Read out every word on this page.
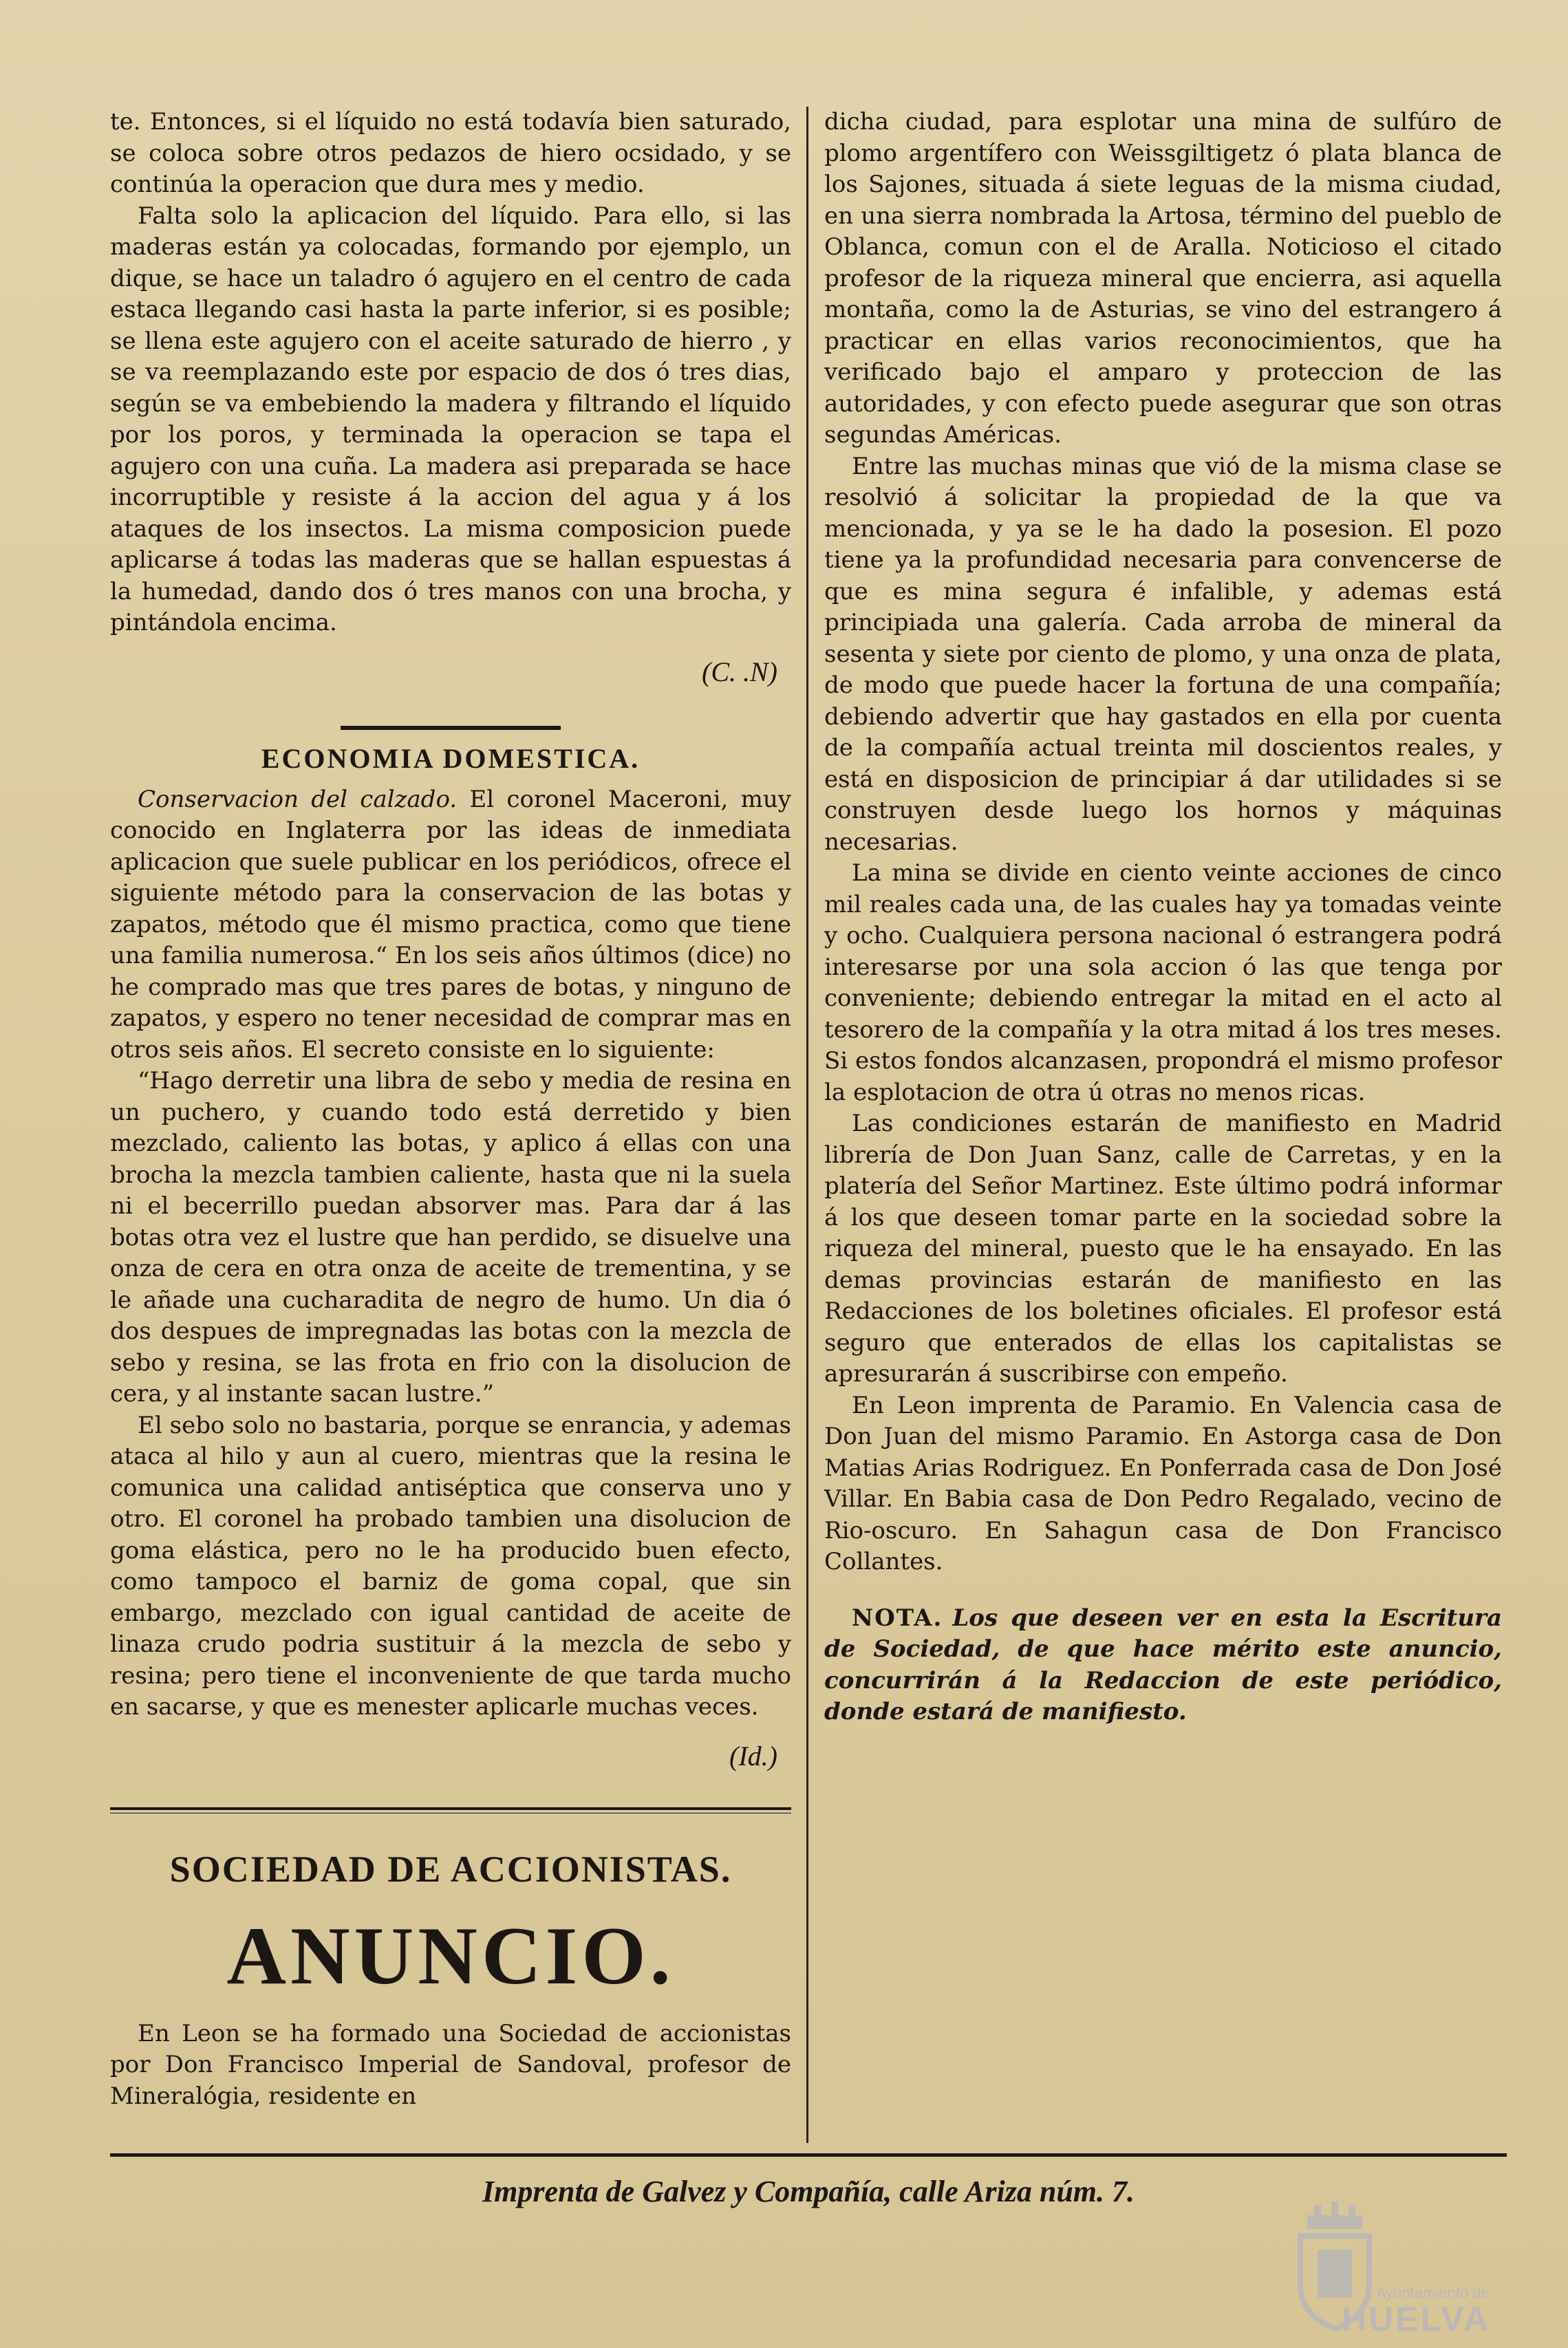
te. Entonces, si el líquido no está todavía bien saturado, se coloca sobre otros pedazos de hiero ocsidado, y se continúa la operacion que dura mes y medio.

Falta solo la aplicacion del líquido. Para ello, si las maderas están ya colocadas, formando por ejemplo, un dique, se hace un taladro ó agujero en el centro de cada estaca llegando casi hasta la parte inferior, si es posible; se llena este agujero con el aceite saturado de hierro , y se va reemplazando este por espacio de dos ó tres dias, según se va embebiendo la madera y filtrando el líquido por los poros, y terminada la operacion se tapa el agujero con una cuña. La madera asi preparada se hace incorruptible y resiste á la accion del agua y á los ataques de los insectos. La misma composicion puede aplicarse á todas las maderas que se hallan espuestas á la humedad, dando dos ó tres manos con una brocha, y pintándola encima.

(C. .N)
ECONOMIA DOMESTICA.

Conservacion del calzado. El coronel Maceroni, muy conocido en Inglaterra por las ideas de inmediata aplicacion que suele publicar en los periódicos, ofrece el siguiente método para la conservacion de las botas y zapatos, método que él mismo practica, como que tiene una familia numerosa.“ En los seis años últimos (dice) no he comprado mas que tres pares de botas, y ninguno de zapatos, y espero no tener necesidad de comprar mas en otros seis años. El secreto consiste en lo siguiente:

“Hago derretir una libra de sebo y media de resina en un puchero, y cuando todo está derretido y bien mezclado, caliento las botas, y aplico á ellas con una brocha la mezcla tambien caliente, hasta que ni la suela ni el becerrillo puedan absorver mas. Para dar á las botas otra vez el lustre que han perdido, se disuelve una onza de cera en otra onza de aceite de trementina, y se le añade una cucharadita de negro de humo. Un dia ó dos despues de impregnadas las botas con la mezcla de sebo y resina, se las frota en frio con la disolucion de cera, y al instante sacan lustre.”

El sebo solo no bastaria, porque se enrancia, y ademas ataca al hilo y aun al cuero, mientras que la resina le comunica una calidad antiséptica que conserva uno y otro. El coronel ha probado tambien una disolucion de goma elástica, pero no le ha producido buen efecto, como tampoco el barniz de goma copal, que sin embargo, mezclado con igual cantidad de aceite de linaza crudo podria sustituir á la mezcla de sebo y resina; pero tiene el inconveniente de que tarda mucho en sacarse, y que es menester aplicarle muchas veces.

(Id.)
SOCIEDAD DE ACCIONISTAS.
ANUNCIO.

En Leon se ha formado una Sociedad de accionistas por Don Francisco Imperial de Sandoval, profesor de Mineralógia, residente en

dicha ciudad, para esplotar una mina de sulfúro de plomo argentífero con Weissgiltigetz ó plata blanca de los Sajones, situada á siete leguas de la misma ciudad, en una sierra nombrada la Artosa, término del pueblo de Oblanca, comun con el de Aralla. Noticioso el citado profesor de la riqueza mineral que encierra, asi aquella montaña, como la de Asturias, se vino del estrangero á practicar en ellas varios reconocimientos, que ha verificado bajo el amparo y proteccion de las autoridades, y con efecto puede asegurar que son otras segundas Américas.

Entre las muchas minas que vió de la misma clase se resolvió á solicitar la propiedad de la que va mencionada, y ya se le ha dado la posesion. El pozo tiene ya la profundidad necesaria para convencerse de que es mina segura é infalible, y ademas está principiada una galería. Cada arroba de mineral da sesenta y siete por ciento de plomo, y una onza de plata, de modo que puede hacer la fortuna de una compañía; debiendo advertir que hay gastados en ella por cuenta de la compañía actual treinta mil doscientos reales, y está en disposicion de principiar á dar utilidades si se construyen desde luego los hornos y máquinas necesarias.

La mina se divide en ciento veinte acciones de cinco mil reales cada una, de las cuales hay ya tomadas veinte y ocho. Cualquiera persona nacional ó estrangera podrá interesarse por una sola accion ó las que tenga por conveniente; debiendo entregar la mitad en el acto al tesorero de la compañía y la otra mitad á los tres meses. Si estos fondos alcanzasen, propondrá el mismo profesor la esplotacion de otra ú otras no menos ricas.

Las condiciones estarán de manifiesto en Madrid librería de Don Juan Sanz, calle de Carretas, y en la platería del Señor Martinez. Este último podrá informar á los que deseen tomar parte en la sociedad sobre la riqueza del mineral, puesto que le ha ensayado. En las demas provincias estarán de manifiesto en las Redacciones de los boletines oficiales. El profesor está seguro que enterados de ellas los capitalistas se apresurarán á suscribirse con empeño.

En Leon imprenta de Paramio. En Valencia casa de Don Juan del mismo Paramio. En Astorga casa de Don Matias Arias Rodriguez. En Ponferrada casa de Don José Villar. En Babia casa de Don Pedro Regalado, vecino de Rio-oscuro. En Sahagun casa de Don Francisco Collantes.

NOTA. Los que deseen ver en esta la Escritura de Sociedad, de que hace mérito este anuncio, concurrirán á la Redaccion de este periódico, donde estará de manifiesto.

Imprenta de Galvez y Compañía, calle Ariza núm. 7.
Ayuntamiento de
HUELVA
